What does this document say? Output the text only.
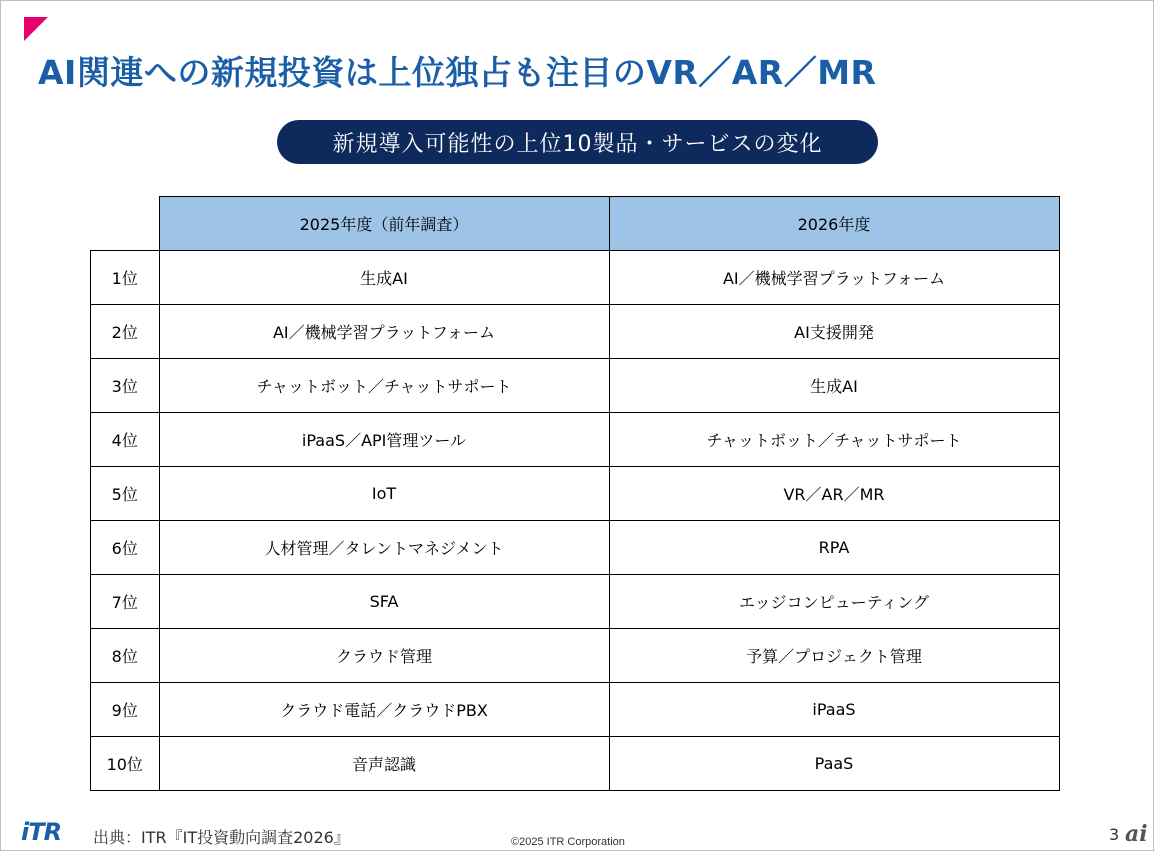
AI関連への新規投資は上位独占も注目のVR／AR／MR
新規導入可能性の上位10製品・サービスの変化
	2025年度（前年調査）	2026年度
1位	生成AI	AI／機械学習プラットフォーム
2位	AI／機械学習プラットフォーム	AI支援開発
3位	チャットボット／チャットサポート	生成AI
4位	iPaaS／API管理ツール	チャットボット／チャットサポート
5位	IoT	VR／AR／MR
6位	人材管理／タレントマネジメント	RPA
7位	SFA	エッジコンピューティング
8位	クラウド管理	予算／プロジェクト管理
9位	クラウド電話／クラウドPBX	iPaaS
10位	音声認識	PaaS
iTR 出典：ITR『IT投資動向調査2026』	©2025 ITR Corporation	3 ai
